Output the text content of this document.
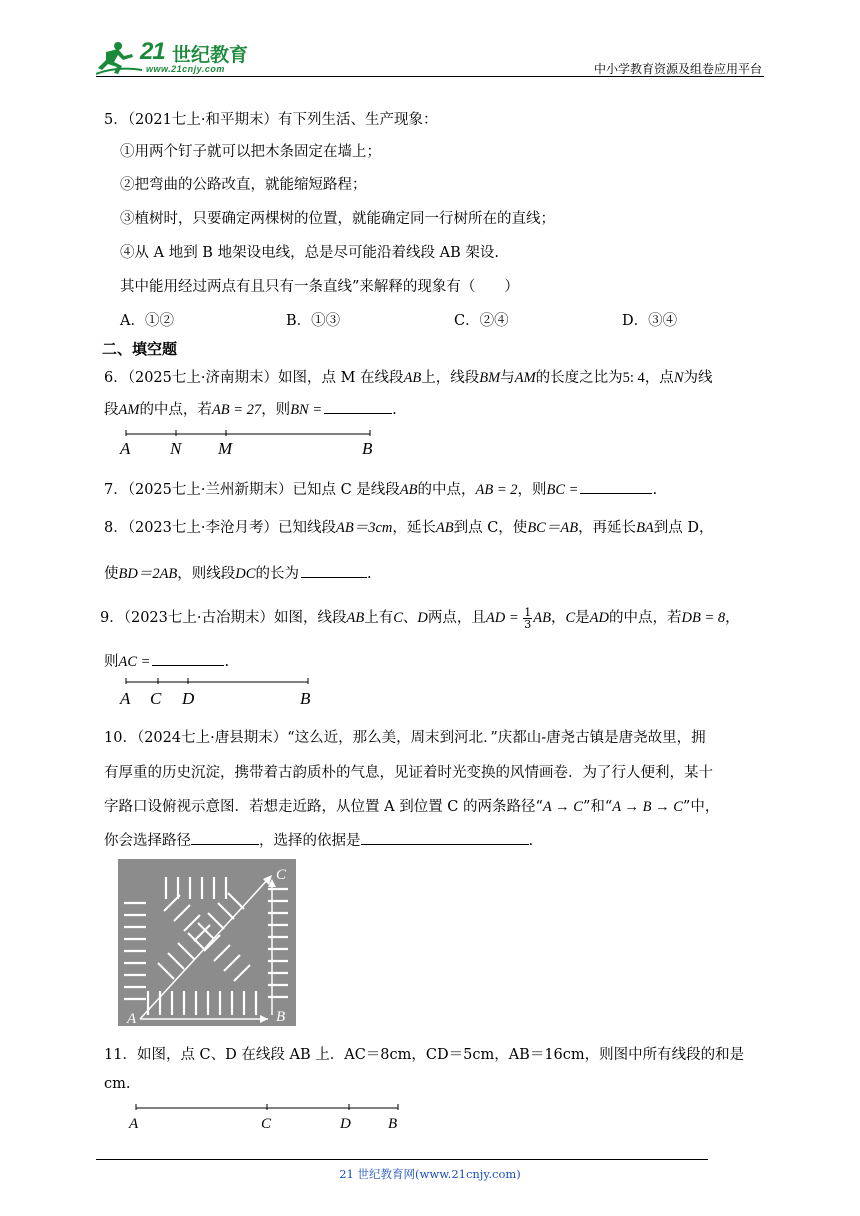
21 世纪教育
www.21cnjy.com	中小学教育资源及组卷应用平台
5．（2021七上·和平期末）有下列生活、生产现象：
①用两个钉子就可以把木条固定在墙上；
②把弯曲的公路改直，就能缩短路程；
③植树时，只要确定两棵树的位置，就能确定同一行树所在的直线；
④从 A 地到 B 地架设电线，总是尽可能沿着线段 AB 架设.
其中能用经过两点有且只有一条直线”来解释的现象有（　　）
A．①②	B．①③	C．②④	D．③④
二、填空题
6．（2025七上·济南期末）如图，点 M 在线段AB上，线段BM与AM的长度之比为5: 4，点N为线
段AM的中点，若AB = 27，则BN =	.
A N M	B
7．（2025七上·兰州新期末）已知点 C 是线段AB的中点，AB = 2，则BC =	.
8．（2023七上·李沧月考）已知线段AB＝3cm，延长AB到点 C，使BC＝AB，再延长BA到点 D，
使BD＝2AB，则线段DC的长为	.
9．（2023七上·古冶期末）如图，线段AB上有C、D两点，且AD = $\frac{1}{3}$ AB，C是AD的中点，若DB = 8，
则AC =	.
A C D	B
10．（2024七上·唐县期末）“这么近，那么美，周末到河北．”庆都山-唐尧古镇是唐尧故里，拥
有厚重的历史沉淀，携带着古韵质朴的气息，见证着时光变换的风情画卷．为了行人便利，某十
字路口设俯视示意图．若想走近路，从位置 A 到位置 C 的两条路径“A → C”和“A → B → C”中，
你会选择路径	，选择的依据是	.
A	B
C
11．如图，点 C、D 在线段 AB 上．AC＝8cm，CD＝5cm，AB＝16cm，则图中所有线段的和是
cm.
A	C	D B
21 世纪教育网(www.21cnjy.com)
